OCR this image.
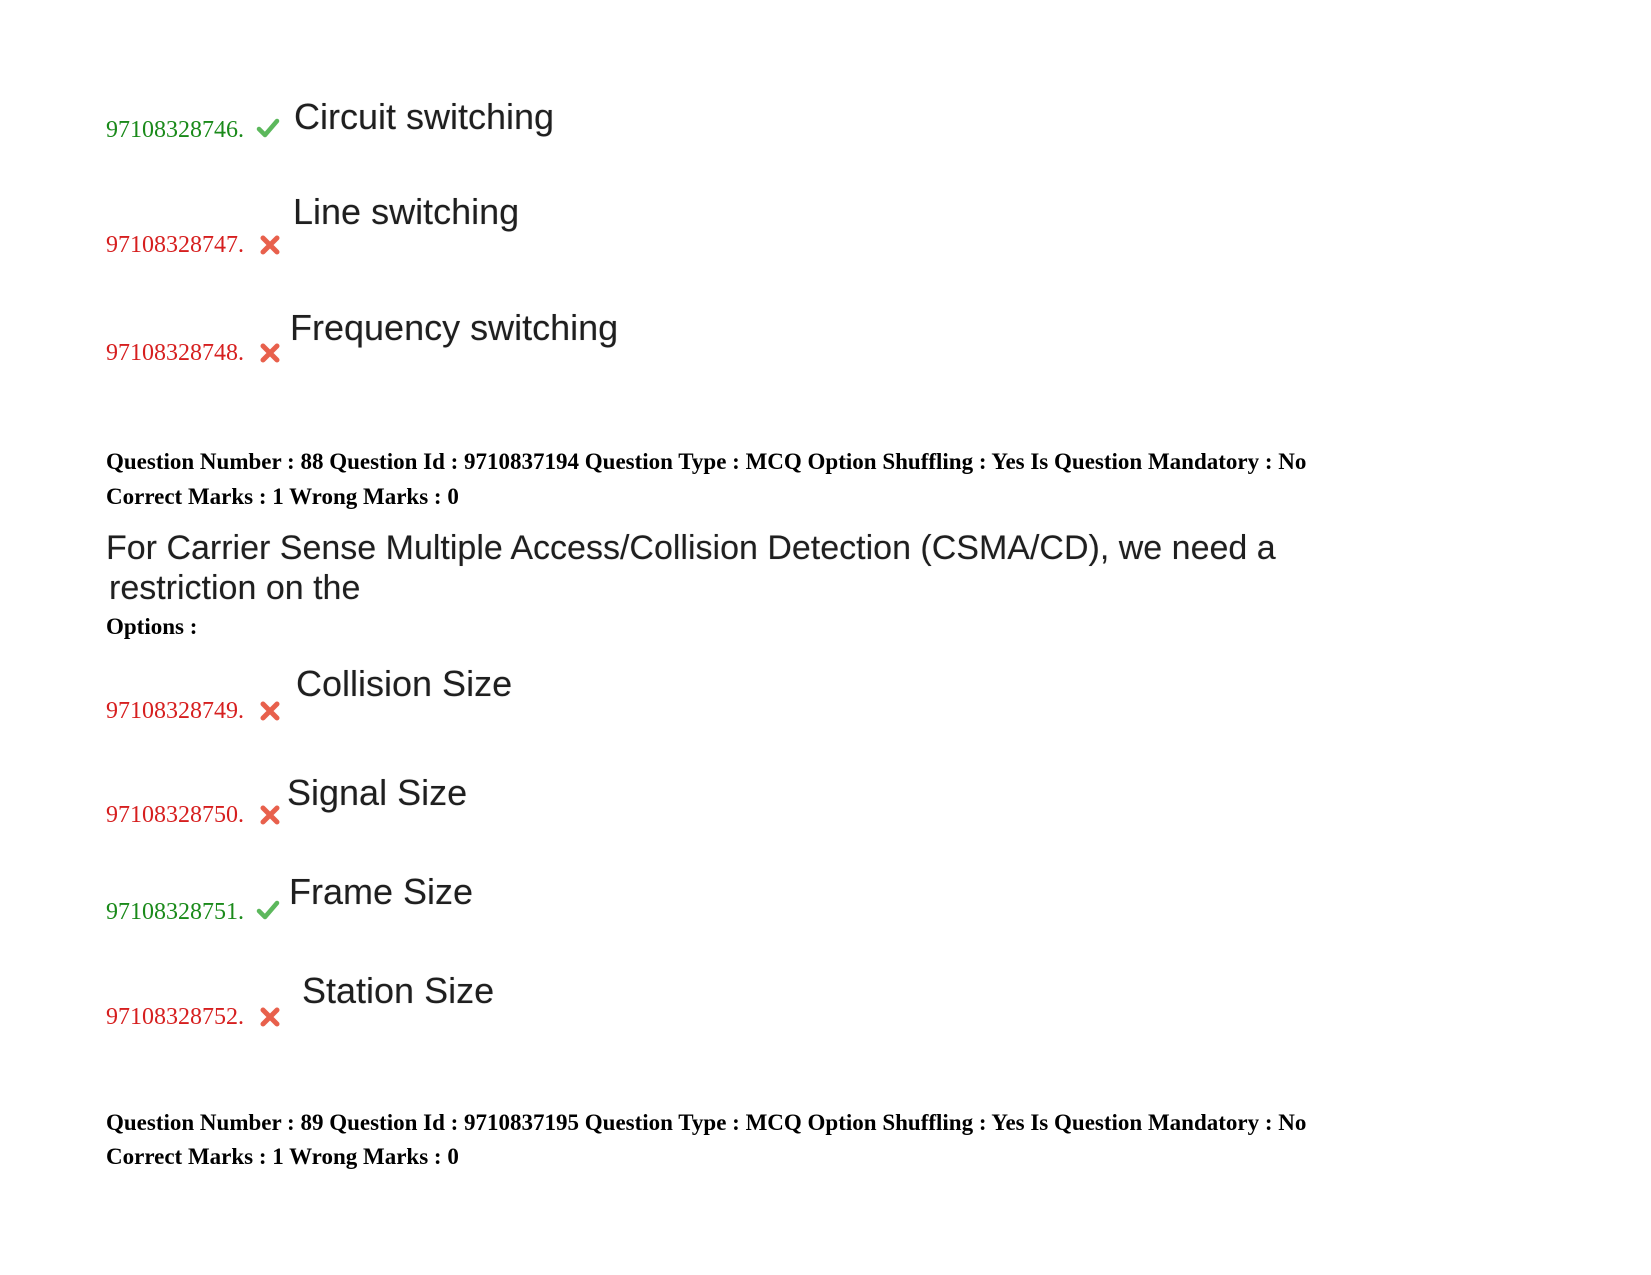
97108328746. Circuit switching
97108328747.
Line switching
97108328748.
Frequency switching
Question Number : 88 Question Id : 9710837194 Question Type : MCQ Option Shuffling : Yes Is Question Mandatory : No
Correct Marks : 1 Wrong Marks : 0
For Carrier Sense Multiple Access/Collision Detection (CSMA/CD), we need a
restriction on the
Options :
97108328749.
Collision Size
97108328750.
Signal Size
97108328751. Frame Size
97108328752.
Station Size
Question Number : 89 Question Id : 9710837195 Question Type : MCQ Option Shuffling : Yes Is Question Mandatory : No
Correct Marks : 1 Wrong Marks : 0
